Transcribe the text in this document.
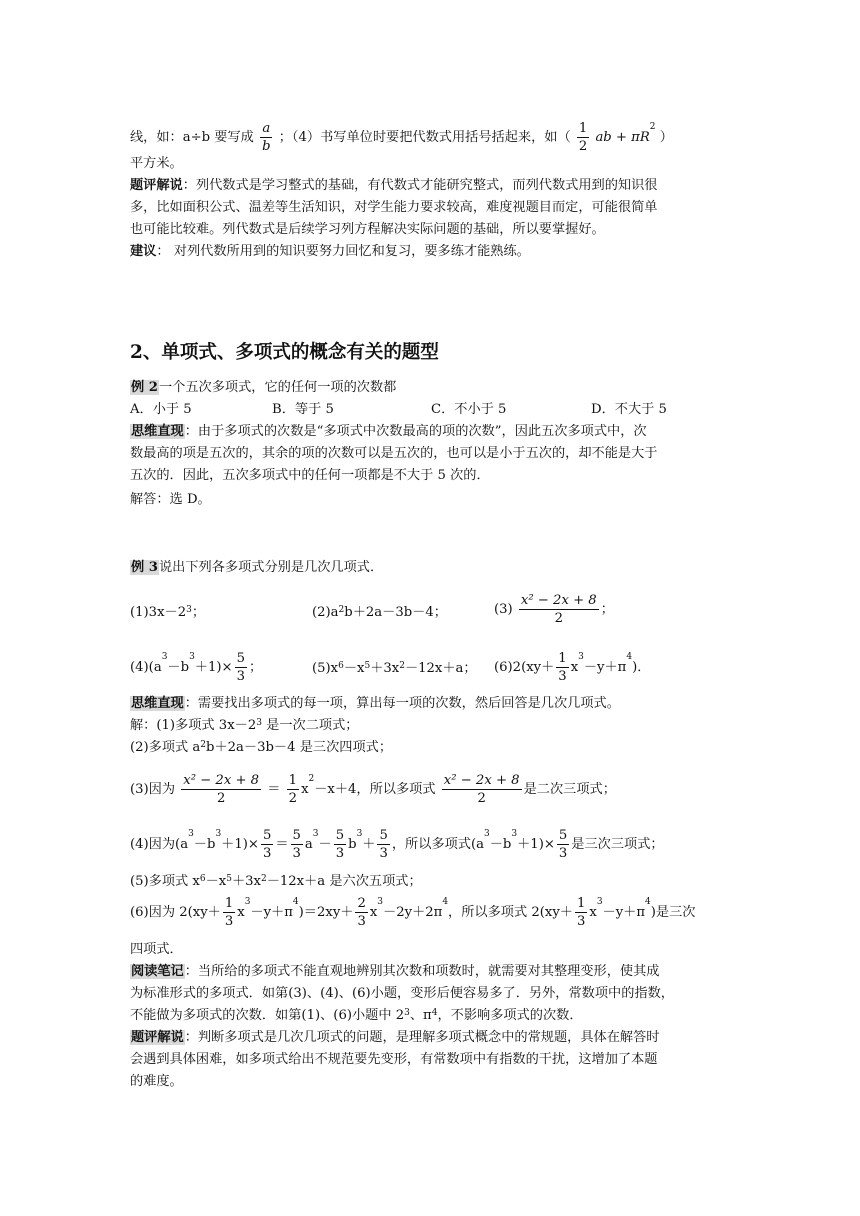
线，如：a÷b 要写成 $\frac{a}{b}$ ；（4）书写单位时要把代数式用括号括起来，如（ $\frac{1}{2}$ ab + $\pi R^2$ ）
平方米。
题评解说：列代数式是学习整式的基础，有代数式才能研究整式，而列代数式用到的知识很
多，比如面积公式、温差等生活知识，对学生能力要求较高，难度视题目而定，可能很简单
也可能比较难。列代数式是后续学习列方程解决实际问题的基础，所以要掌握好。
建议： 对列代数所用到的知识要努力回忆和复习，要多练才能熟练。
2、单项式、多项式的概念有关的题型
例 2一个五次多项式，它的任何一项的次数都
A．小于 5	B．等于 5	C．不小于 5	D．不大于 5
思维直现：由于多项式的次数是“多项式中次数最高的项的次数”，因此五次多项式中，次
数最高的项是五次的，其余的项的次数可以是五次的，也可以是小于五次的，却不能是大于
五次的．因此，五次多项式中的任何一项都是不大于 5 次的．
解答：选 D。
例 3说出下列各多项式分别是几次几项式．
$(1)3x-2^3$；	$(2)a^2b+2a-3b-4$；	$(3) \frac{\text{x² − 2x + 8}}{2}$ ；
$(4)(a^3-b^3+1)\times \frac{5}{3}$ ；	$(5)x^6-x^5+3x^2-12x+a$； $(6)2(xy+ \frac{1}{3} x^3-y+\pi^4)$．
思维直现：需要找出多项式的每一项，算出每一项的次数，然后回答是几次几项式。
解：(1)多项式 $3x-2^3$ 是一次二项式；
(2)多项式 $a^2b+2a-3b-4$ 是三次四项式；
(3)因为 $\frac{\text{x² − 2x + 8}}{2} = \frac{1}{2} x^2-x+4$，所以多项式 $\frac{\text{x² − 2x + 8}}{2}$ 是二次三项式；
(4)因为$(a^3-b^3+1)\times \frac{5}{3} = \frac{5}{3} a^3- \frac{5}{3} b^3+ \frac{5}{3}$ ，所以多项式$(a^3-b^3+1)\times \frac{5}{3}$ 是三次三项式；
(5)多项式 $x^6-x^5+3x^2-12x+a$ 是六次五项式；
(6)因为 $2(xy+ \frac{1}{3} x^3-y+\pi^4)=2xy+ \frac{2}{3} x^3-2y+2\pi^4$，所以多项式 $2(xy+ \frac{1}{3} x^3-y+\pi^4)$是三次
四项式．
阅读笔记：当所给的多项式不能直观地辨别其次数和项数时，就需要对其整理变形，使其成
为标准形式的多项式．如第(3)、(4)、(6)小题，变形后便容易多了．另外，常数项中的指数，
不能做为多项式的次数．如第(1)、(6)小题中 $2^3$、$\pi^4$，不影响多项式的次数．
题评解说：判断多项式是几次几项式的问题，是理解多项式概念中的常规题，具体在解答时
会遇到具体困难，如多项式给出不规范要先变形，有常数项中有指数的干扰，这增加了本题
的难度。
